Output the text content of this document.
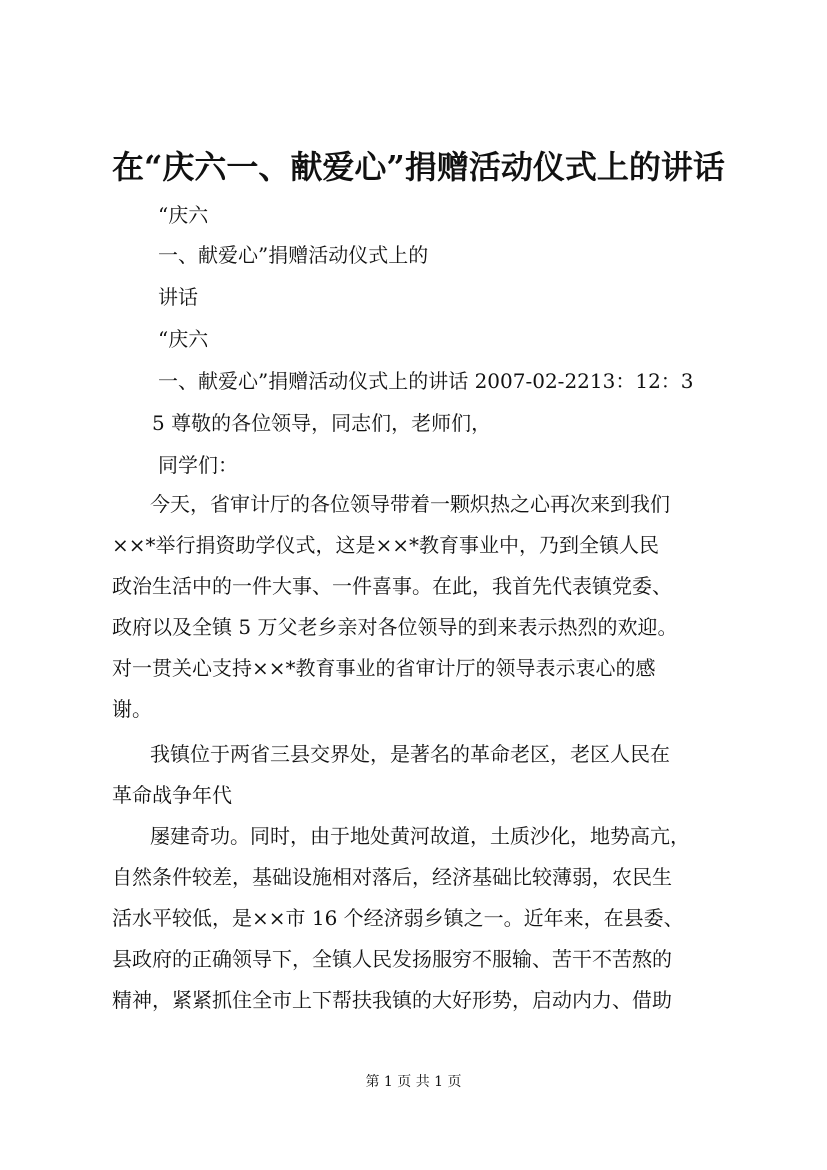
在“庆六一、献爱心”捐赠活动仪式上的讲话
“庆六
一、献爱心”捐赠活动仪式上的
讲话
“庆六
一、献爱心”捐赠活动仪式上的讲话 2007-02-2213：12：3
5 尊敬的各位领导，同志们，老师们，
同学们：
今天，省审计厅的各位领导带着一颗炽热之心再次来到我们
××*举行捐资助学仪式，这是××*教育事业中，乃到全镇人民
政治生活中的一件大事、一件喜事。在此，我首先代表镇党委、
政府以及全镇 5 万父老乡亲对各位领导的到来表示热烈的欢迎。
对一贯关心支持××*教育事业的省审计厅的领导表示衷心的感
谢。
我镇位于两省三县交界处，是著名的革命老区，老区人民在
革命战争年代
屡建奇功。同时，由于地处黄河故道，土质沙化，地势高亢，
自然条件较差，基础设施相对落后，经济基础比较薄弱，农民生
活水平较低，是××市 16 个经济弱乡镇之一。近年来，在县委、
县政府的正确领导下，全镇人民发扬服穷不服输、苦干不苦熬的
精神，紧紧抓住全市上下帮扶我镇的大好形势，启动内力、借助
第 1 页 共 1 页
